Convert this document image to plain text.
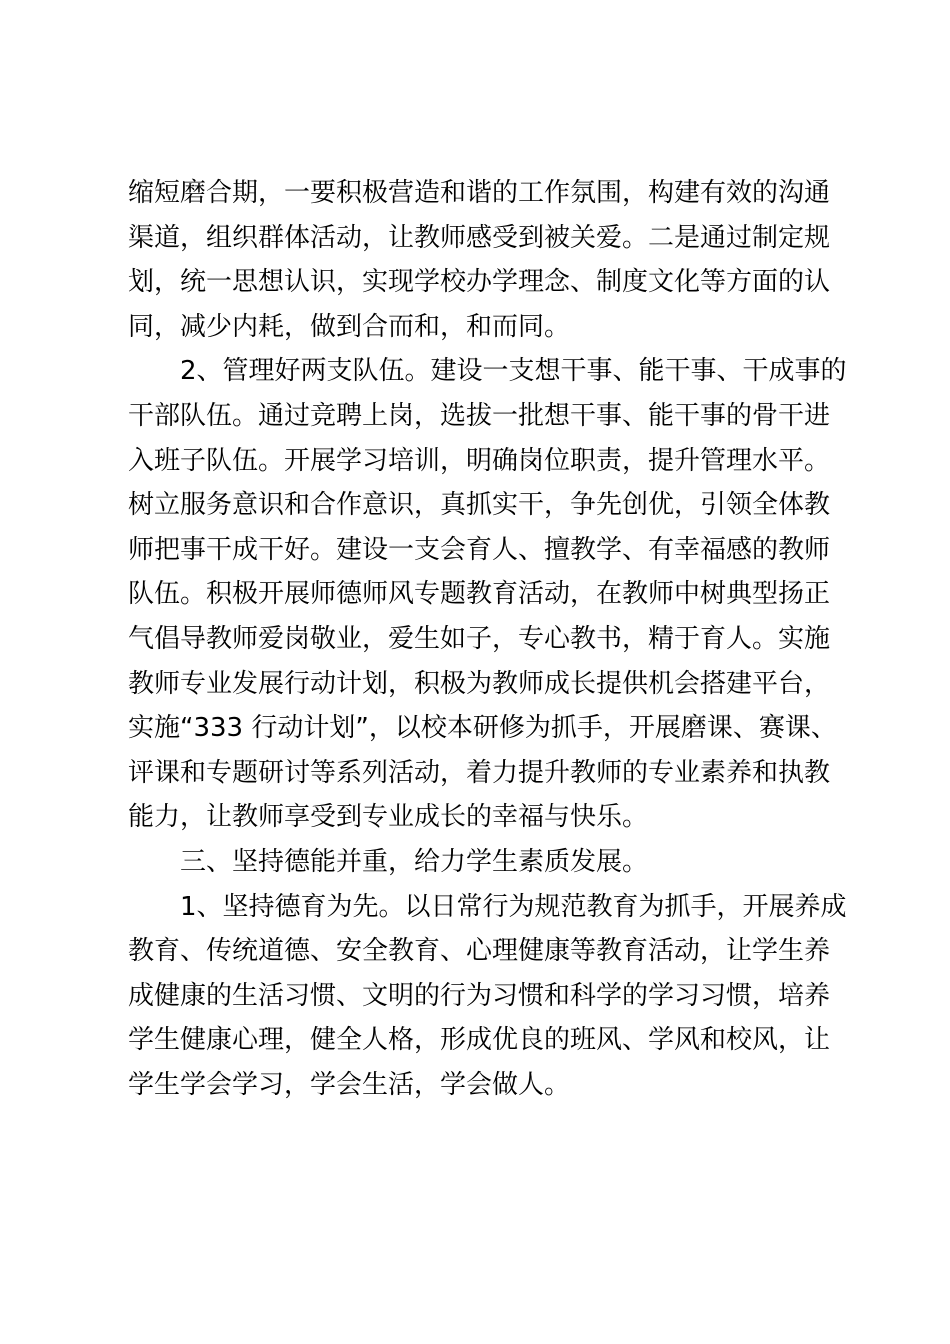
缩短磨合期，一要积极营造和谐的工作氛围，构建有效的沟通
渠道，组织群体活动，让教师感受到被关爱。二是通过制定规
划，统一思想认识，实现学校办学理念、制度文化等方面的认
同，减少内耗，做到合而和，和而同。

2、管理好两支队伍。建设一支想干事、能干事、干成事的
干部队伍。通过竞聘上岗，选拔一批想干事、能干事的骨干进
入班子队伍。开展学习培训，明确岗位职责，提升管理水平。
树立服务意识和合作意识，真抓实干，争先创优，引领全体教
师把事干成干好。建设一支会育人、擅教学、有幸福感的教师
队伍。积极开展师德师风专题教育活动，在教师中树典型扬正
气倡导教师爱岗敬业，爱生如子，专心教书，精于育人。实施
教师专业发展行动计划，积极为教师成长提供机会搭建平台，
实施“333 行动计划”，以校本研修为抓手，开展磨课、赛课、
评课和专题研讨等系列活动，着力提升教师的专业素养和执教
能力，让教师享受到专业成长的幸福与快乐。

三、坚持德能并重，给力学生素质发展。

1、坚持德育为先。以日常行为规范教育为抓手，开展养成
教育、传统道德、安全教育、心理健康等教育活动，让学生养
成健康的生活习惯、文明的行为习惯和科学的学习习惯，培养
学生健康心理，健全人格，形成优良的班风、学风和校风，让
学生学会学习，学会生活，学会做人。
